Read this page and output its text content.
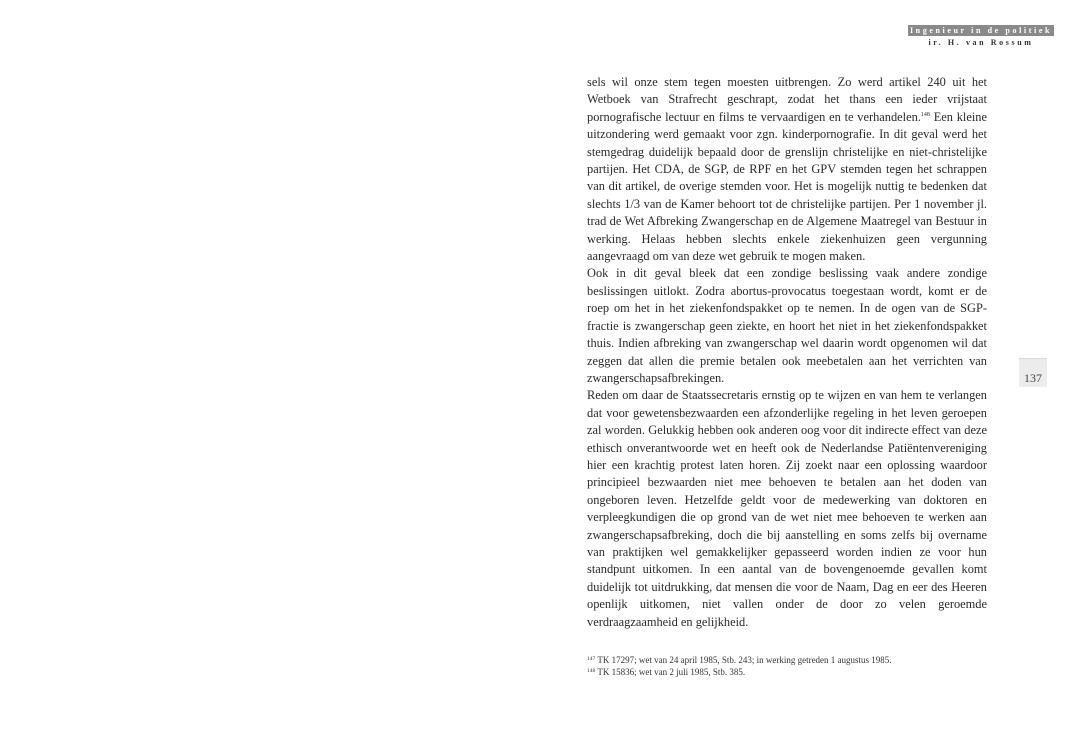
Ingenieur in de politiek
ir. H. van Rossum

sels wil onze stem tegen moesten uitbrengen. Zo werd artikel 240 uit het Wetboek van Strafrecht geschrapt, zodat het thans een ieder vrijstaat pornografische lectuur en films te vervaardigen en te verhandelen.$^{148}$ Een kleine uitzondering werd gemaakt voor zgn. kinderpornografie. In dit geval werd het stemgedrag duidelijk bepaald door de grenslijn christelijke en niet-christelijke partijen. Het CDA, de SGP, de RPF en het GPV stemden tegen het schrappen van dit artikel, de overige stemden voor. Het is mogelijk nuttig te bedenken dat slechts 1/3 van de Kamer behoort tot de christelijke partijen. Per 1 november jl. trad de Wet Afbreking Zwangerschap en de Algemene Maatregel van Bestuur in werking. Helaas hebben slechts enkele ziekenhuizen geen vergunning aangevraagd om van deze wet gebruik te mogen maken.

Ook in dit geval bleek dat een zondige beslissing vaak andere zondige beslissingen uitlokt. Zodra abortus-provocatus toegestaan wordt, komt er de roep om het in het ziekenfondspakket op te nemen. In de ogen van de SGP-fractie is zwangerschap geen ziekte, en hoort het niet in het ziekenfondspakket thuis. Indien afbreking van zwangerschap wel daarin wordt opgenomen wil dat zeggen dat allen die premie betalen ook meebetalen aan het verrichten van zwangerschapsafbrekingen.

Reden om daar de Staatssecretaris ernstig op te wijzen en van hem te verlangen dat voor gewetensbezwaarden een afzonderlijke regeling in het leven geroepen zal worden. Gelukkig hebben ook anderen oog voor dit indirecte effect van deze ethisch onverantwoorde wet en heeft ook de Nederlandse Patiëntenvereniging hier een krachtig protest laten horen. Zij zoekt naar een oplossing waardoor principieel bezwaarden niet mee behoeven te betalen aan het doden van ongeboren leven. Hetzelfde geldt voor de medewerking van doktoren en verpleegkundigen die op grond van de wet niet mee behoeven te werken aan zwangerschapsafbreking, doch die bij aanstelling en soms zelfs bij overname van praktijken wel gemakkelijker gepasseerd worden indien ze voor hun standpunt uitkomen. In een aantal van de bovengenoemde gevallen komt duidelijk tot uitdrukking, dat mensen die voor de Naam, Dag en eer des Heeren openlijk uitkomen, niet vallen onder de door zo velen geroemde verdraagzaamheid en gelijkheid.

137
$^{147}$ TK 17297; wet van 24 april 1985, Stb. 243; in werking getreden 1 augustus 1985.
$^{148}$ TK 15836; wet van 2 juli 1985, Stb. 385.
